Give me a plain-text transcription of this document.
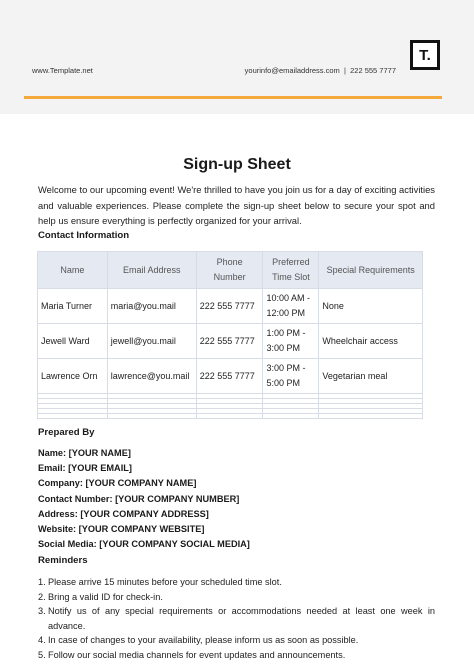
www.Template.net	yourinfo@emailaddress.com | 222 555 7777
T.
Sign-up Sheet
Welcome to our upcoming event! We're thrilled to have you join us for a day of exciting activities and valuable experiences. Please complete the sign-up sheet below to secure your spot and help us ensure everything is perfectly organized for your arrival.
Contact Information
Name	Email Address	Phone Number	Preferred Time Slot	Special Requirements
Maria Turner	maria@you.mail	222 555 7777	10:00 AM - 12:00 PM	None
Jewell Ward	jewell@you.mail	222 555 7777	1:00 PM - 3:00 PM	Wheelchair access
Lawrence Orn	lawrence@you.mail	222 555 7777	3:00 PM - 5:00 PM	Vegetarian meal

Prepared By
Name: [YOUR NAME]
Email: [YOUR EMAIL]
Company: [YOUR COMPANY NAME]
Contact Number: [YOUR COMPANY NUMBER]
Address: [YOUR COMPANY ADDRESS]
Website: [YOUR COMPANY WEBSITE]
Social Media: [YOUR COMPANY SOCIAL MEDIA]
Reminders
1. Please arrive 15 minutes before your scheduled time slot.
2. Bring a valid ID for check-in.
3. Notify us of any special requirements or accommodations needed at least one week in advance.
4. In case of changes to your availability, please inform us as soon as possible.
5. Follow our social media channels for event updates and announcements.
